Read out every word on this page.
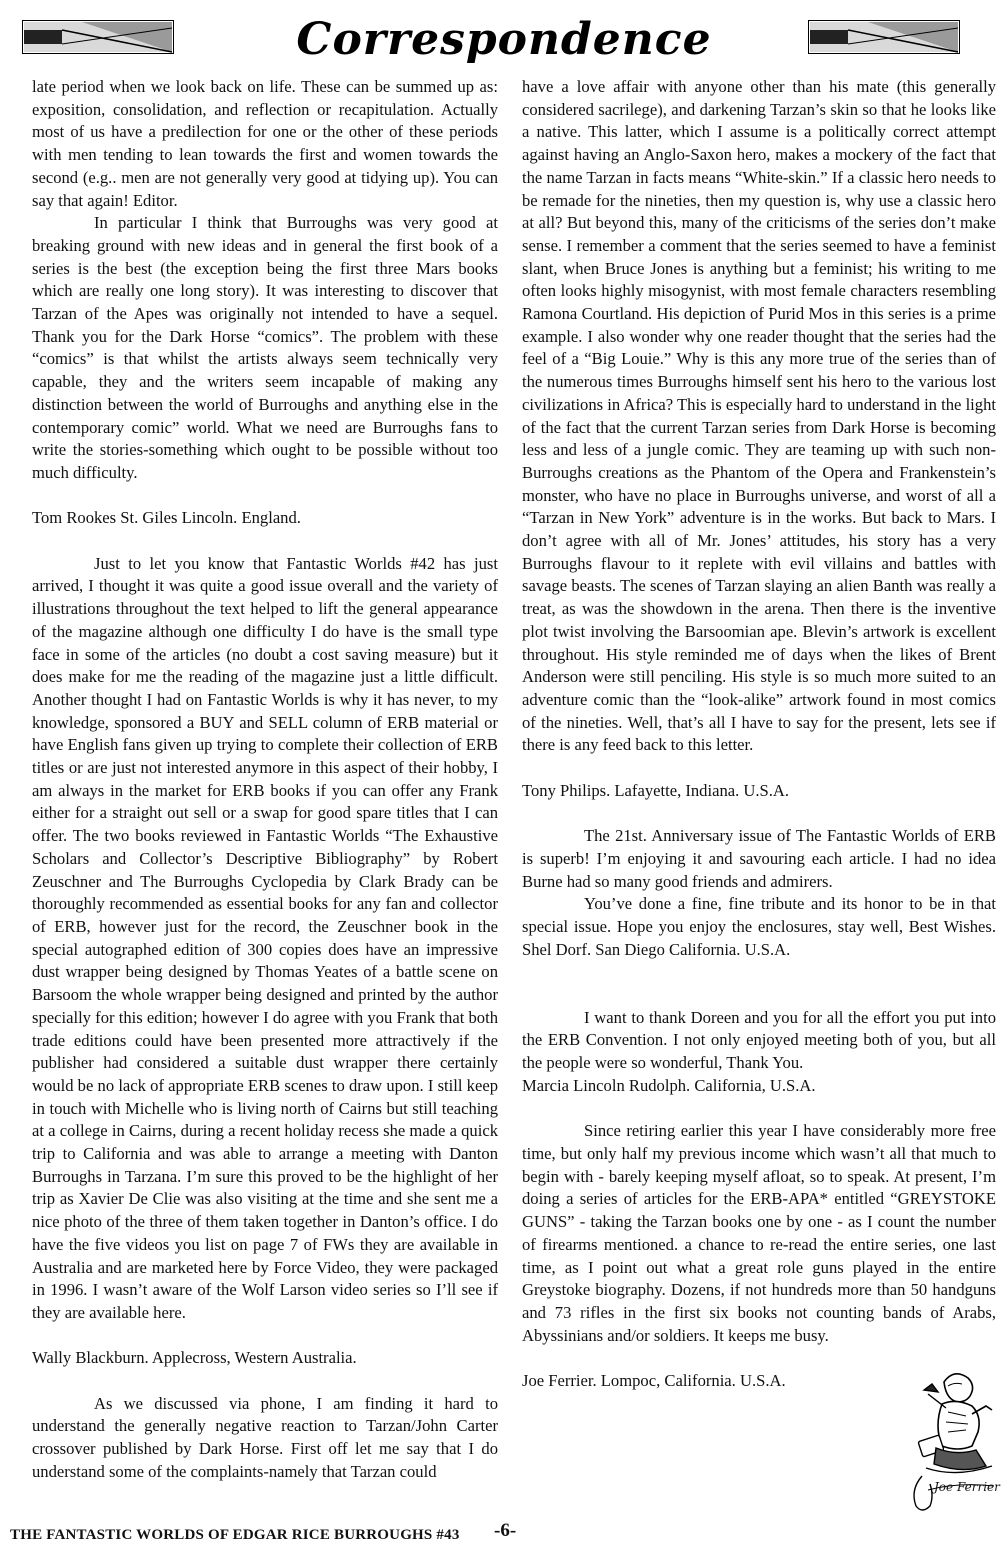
Correspondence

late period when we look back on life. These can be summed up as: exposition, consolidation, and reflection or recapitulation. Actually most of us have a predilection for one or the other of these periods with men tending to lean towards the first and women towards the second (e.g.. men are not generally very good at tidying up). You can say that again! Editor.

In particular I think that Burroughs was very good at breaking ground with new ideas and in general the first book of a series is the best (the exception being the first three Mars books which are really one long story). It was interesting to discover that Tarzan of the Apes was originally not intended to have a sequel. Thank you for the Dark Horse “comics”. The problem with these “comics” is that whilst the artists always seem technically very capable, they and the writers seem incapable of making any distinction between the world of Burroughs and anything else in the contemporary comic” world. What we need are Burroughs fans to write the stories-something which ought to be possible without too much difficulty.

Tom Rookes St. Giles Lincoln. England.

Just to let you know that Fantastic Worlds #42 has just arrived, I thought it was quite a good issue overall and the variety of illustrations throughout the text helped to lift the general appearance of the magazine although one difficulty I do have is the small type face in some of the articles (no doubt a cost saving measure) but it does make for me the reading of the magazine just a little difficult. Another thought I had on Fantastic Worlds is why it has never, to my knowledge, sponsored a BUY and SELL column of ERB material or have English fans given up trying to complete their collection of ERB titles or are just not interested anymore in this aspect of their hobby, I am always in the market for ERB books if you can offer any Frank either for a straight out sell or a swap for good spare titles that I can offer. The two books reviewed in Fantastic Worlds “The Exhaustive Scholars and Collector’s Descriptive Bibliography” by Robert Zeuschner and The Burroughs Cyclopedia by Clark Brady can be thoroughly recommended as essential books for any fan and collector of ERB, however just for the record, the Zeuschner book in the special autographed edition of 300 copies does have an impressive dust wrapper being designed by Thomas Yeates of a battle scene on Barsoom the whole wrapper being designed and printed by the author specially for this edition; however I do agree with you Frank that both trade editions could have been presented more attractively if the publisher had considered a suitable dust wrapper there certainly would be no lack of appropriate ERB scenes to draw upon. I still keep in touch with Michelle who is living north of Cairns but still teaching at a college in Cairns, during a recent holiday recess she made a quick trip to California and was able to arrange a meeting with Danton Burroughs in Tarzana. I’m sure this proved to be the highlight of her trip as Xavier De Clie was also visiting at the time and she sent me a nice photo of the three of them taken together in Danton’s office. I do have the five videos you list on page 7 of FWs they are available in Australia and are marketed here by Force Video, they were packaged in 1996. I wasn’t aware of the Wolf Larson video series so I’ll see if they are available here.

Wally Blackburn. Applecross, Western Australia.

As we discussed via phone, I am finding it hard to understand the generally negative reaction to Tarzan/John Carter crossover published by Dark Horse. First off let me say that I do understand some of the complaints-namely that Tarzan could

have a love affair with anyone other than his mate (this generally considered sacrilege), and darkening Tarzan’s skin so that he looks like a native. This latter, which I assume is a politically correct attempt against having an Anglo-Saxon hero, makes a mockery of the fact that the name Tarzan in facts means “White-skin.” If a classic hero needs to be remade for the nineties, then my question is, why use a classic hero at all? But beyond this, many of the criticisms of the series don’t make sense. I remember a comment that the series seemed to have a feminist slant, when Bruce Jones is anything but a feminist; his writing to me often looks highly misogynist, with most female characters resembling Ramona Courtland. His depiction of Purid Mos in this series is a prime example. I also wonder why one reader thought that the series had the feel of a “Big Louie.” Why is this any more true of the series than of the numerous times Burroughs himself sent his hero to the various lost civilizations in Africa? This is especially hard to understand in the light of the fact that the current Tarzan series from Dark Horse is becoming less and less of a jungle comic. They are teaming up with such non-Burroughs creations as the Phantom of the Opera and Frankenstein’s monster, who have no place in Burroughs universe, and worst of all a “Tarzan in New York” adventure is in the works. But back to Mars. I don’t agree with all of Mr. Jones’ attitudes, his story has a very Burroughs flavour to it replete with evil villains and battles with savage beasts. The scenes of Tarzan slaying an alien Banth was really a treat, as was the showdown in the arena. Then there is the inventive plot twist involving the Barsoomian ape. Blevin’s artwork is excellent throughout. His style reminded me of days when the likes of Brent Anderson were still penciling. His style is so much more suited to an adventure comic than the “look-alike” artwork found in most comics of the nineties. Well, that’s all I have to say for the present, lets see if there is any feed back to this letter.

Tony Philips. Lafayette, Indiana. U.S.A.

The 21st. Anniversary issue of The Fantastic Worlds of ERB is superb! I’m enjoying it and savouring each article. I had no idea Burne had so many good friends and admirers.

You’ve done a fine, fine tribute and its honor to be in that special issue. Hope you enjoy the enclosures, stay well, Best Wishes. Shel Dorf. San Diego California. U.S.A.

I want to thank Doreen and you for all the effort you put into the ERB Convention. I not only enjoyed meeting both of you, but all the people were so wonderful, Thank You.

Marcia Lincoln Rudolph. California, U.S.A.

Since retiring earlier this year I have considerably more free time, but only half my previous income which wasn’t all that much to begin with - barely keeping myself afloat, so to speak. At present, I’m doing a series of articles for the ERB-APA* entitled “GREYSTOKE GUNS” - taking the Tarzan books one by one - as I count the number of firearms mentioned. a chance to re-read the entire series, one last time, as I point out what a great role guns played in the entire Greystoke biography. Dozens, if not hundreds more than 50 handguns and 73 rifles in the first six books not counting bands of Arabs, Abyssinians and/or soldiers. It keeps me busy.

Joe Ferrier. Lompoc, California. U.S.A.

Joe Ferrier
THE FANTASTIC WORLDS OF EDGAR RICE BURROUGHS #43 -6-
